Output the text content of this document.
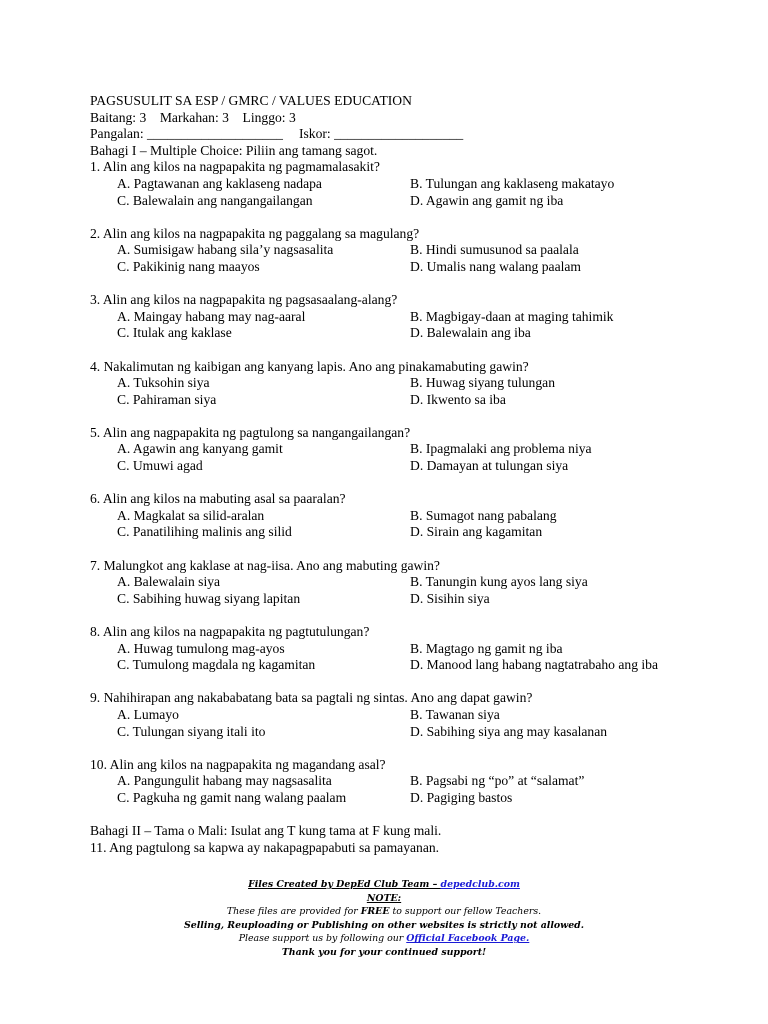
PAGSUSULIT SA ESP / GMRC / VALUES EDUCATION
Baitang: 3    Markahan: 3    Linggo: 3
Pangalan: ____________________ Iskor: ___________________
Bahagi I – Multiple Choice: Piliin ang tamang sagot.
1. Alin ang kilos na nagpapakita ng pagmamalasakit?
A. Pagtawanan ang kaklaseng nadapa	B. Tulungan ang kaklaseng makatayo
C. Balewalain ang nangangailangan	D. Agawin ang gamit ng iba
2. Alin ang kilos na nagpapakita ng paggalang sa magulang?
A. Sumisigaw habang sila’y nagsasalita	B. Hindi sumusunod sa paalala
C. Pakikinig nang maayos	D. Umalis nang walang paalam
3. Alin ang kilos na nagpapakita ng pagsasaalang-alang?
A. Maingay habang may nag-aaral	B. Magbigay-daan at maging tahimik
C. Itulak ang kaklase	D. Balewalain ang iba
4. Nakalimutan ng kaibigan ang kanyang lapis. Ano ang pinakamabuting gawin?
A. Tuksohin siya	B. Huwag siyang tulungan
C. Pahiraman siya	D. Ikwento sa iba
5. Alin ang nagpapakita ng pagtulong sa nangangailangan?
A. Agawin ang kanyang gamit	B. Ipagmalaki ang problema niya
C. Umuwi agad	D. Damayan at tulungan siya
6. Alin ang kilos na mabuting asal sa paaralan?
A. Magkalat sa silid-aralan	B. Sumagot nang pabalang
C. Panatilihing malinis ang silid	D. Sirain ang kagamitan
7. Malungkot ang kaklase at nag-iisa. Ano ang mabuting gawin?
A. Balewalain siya	B. Tanungin kung ayos lang siya
C. Sabihing huwag siyang lapitan	D. Sisihin siya
8. Alin ang kilos na nagpapakita ng pagtutulungan?
A. Huwag tumulong mag-ayos	B. Magtago ng gamit ng iba
C. Tumulong magdala ng kagamitan	D. Manood lang habang nagtatrabaho ang iba
9. Nahihirapan ang nakababatang bata sa pagtali ng sintas. Ano ang dapat gawin?
A. Lumayo	B. Tawanan siya
C. Tulungan siyang itali ito	D. Sabihing siya ang may kasalanan
10. Alin ang kilos na nagpapakita ng magandang asal?
A. Pangungulit habang may nagsasalita	B. Pagsabi ng “po” at “salamat”
C. Pagkuha ng gamit nang walang paalam	D. Pagiging bastos
Bahagi II – Tama o Mali: Isulat ang T kung tama at F kung mali.
11. Ang pagtulong sa kapwa ay nakapagpapabuti sa pamayanan.
Files Created by DepEd Club Team – depedclub.com
NOTE:
These files are provided for FREE to support our fellow Teachers.
Selling, Reuploading or Publishing on other websites is strictly not allowed.
Please support us by following our Official Facebook Page.
Thank you for your continued support!
